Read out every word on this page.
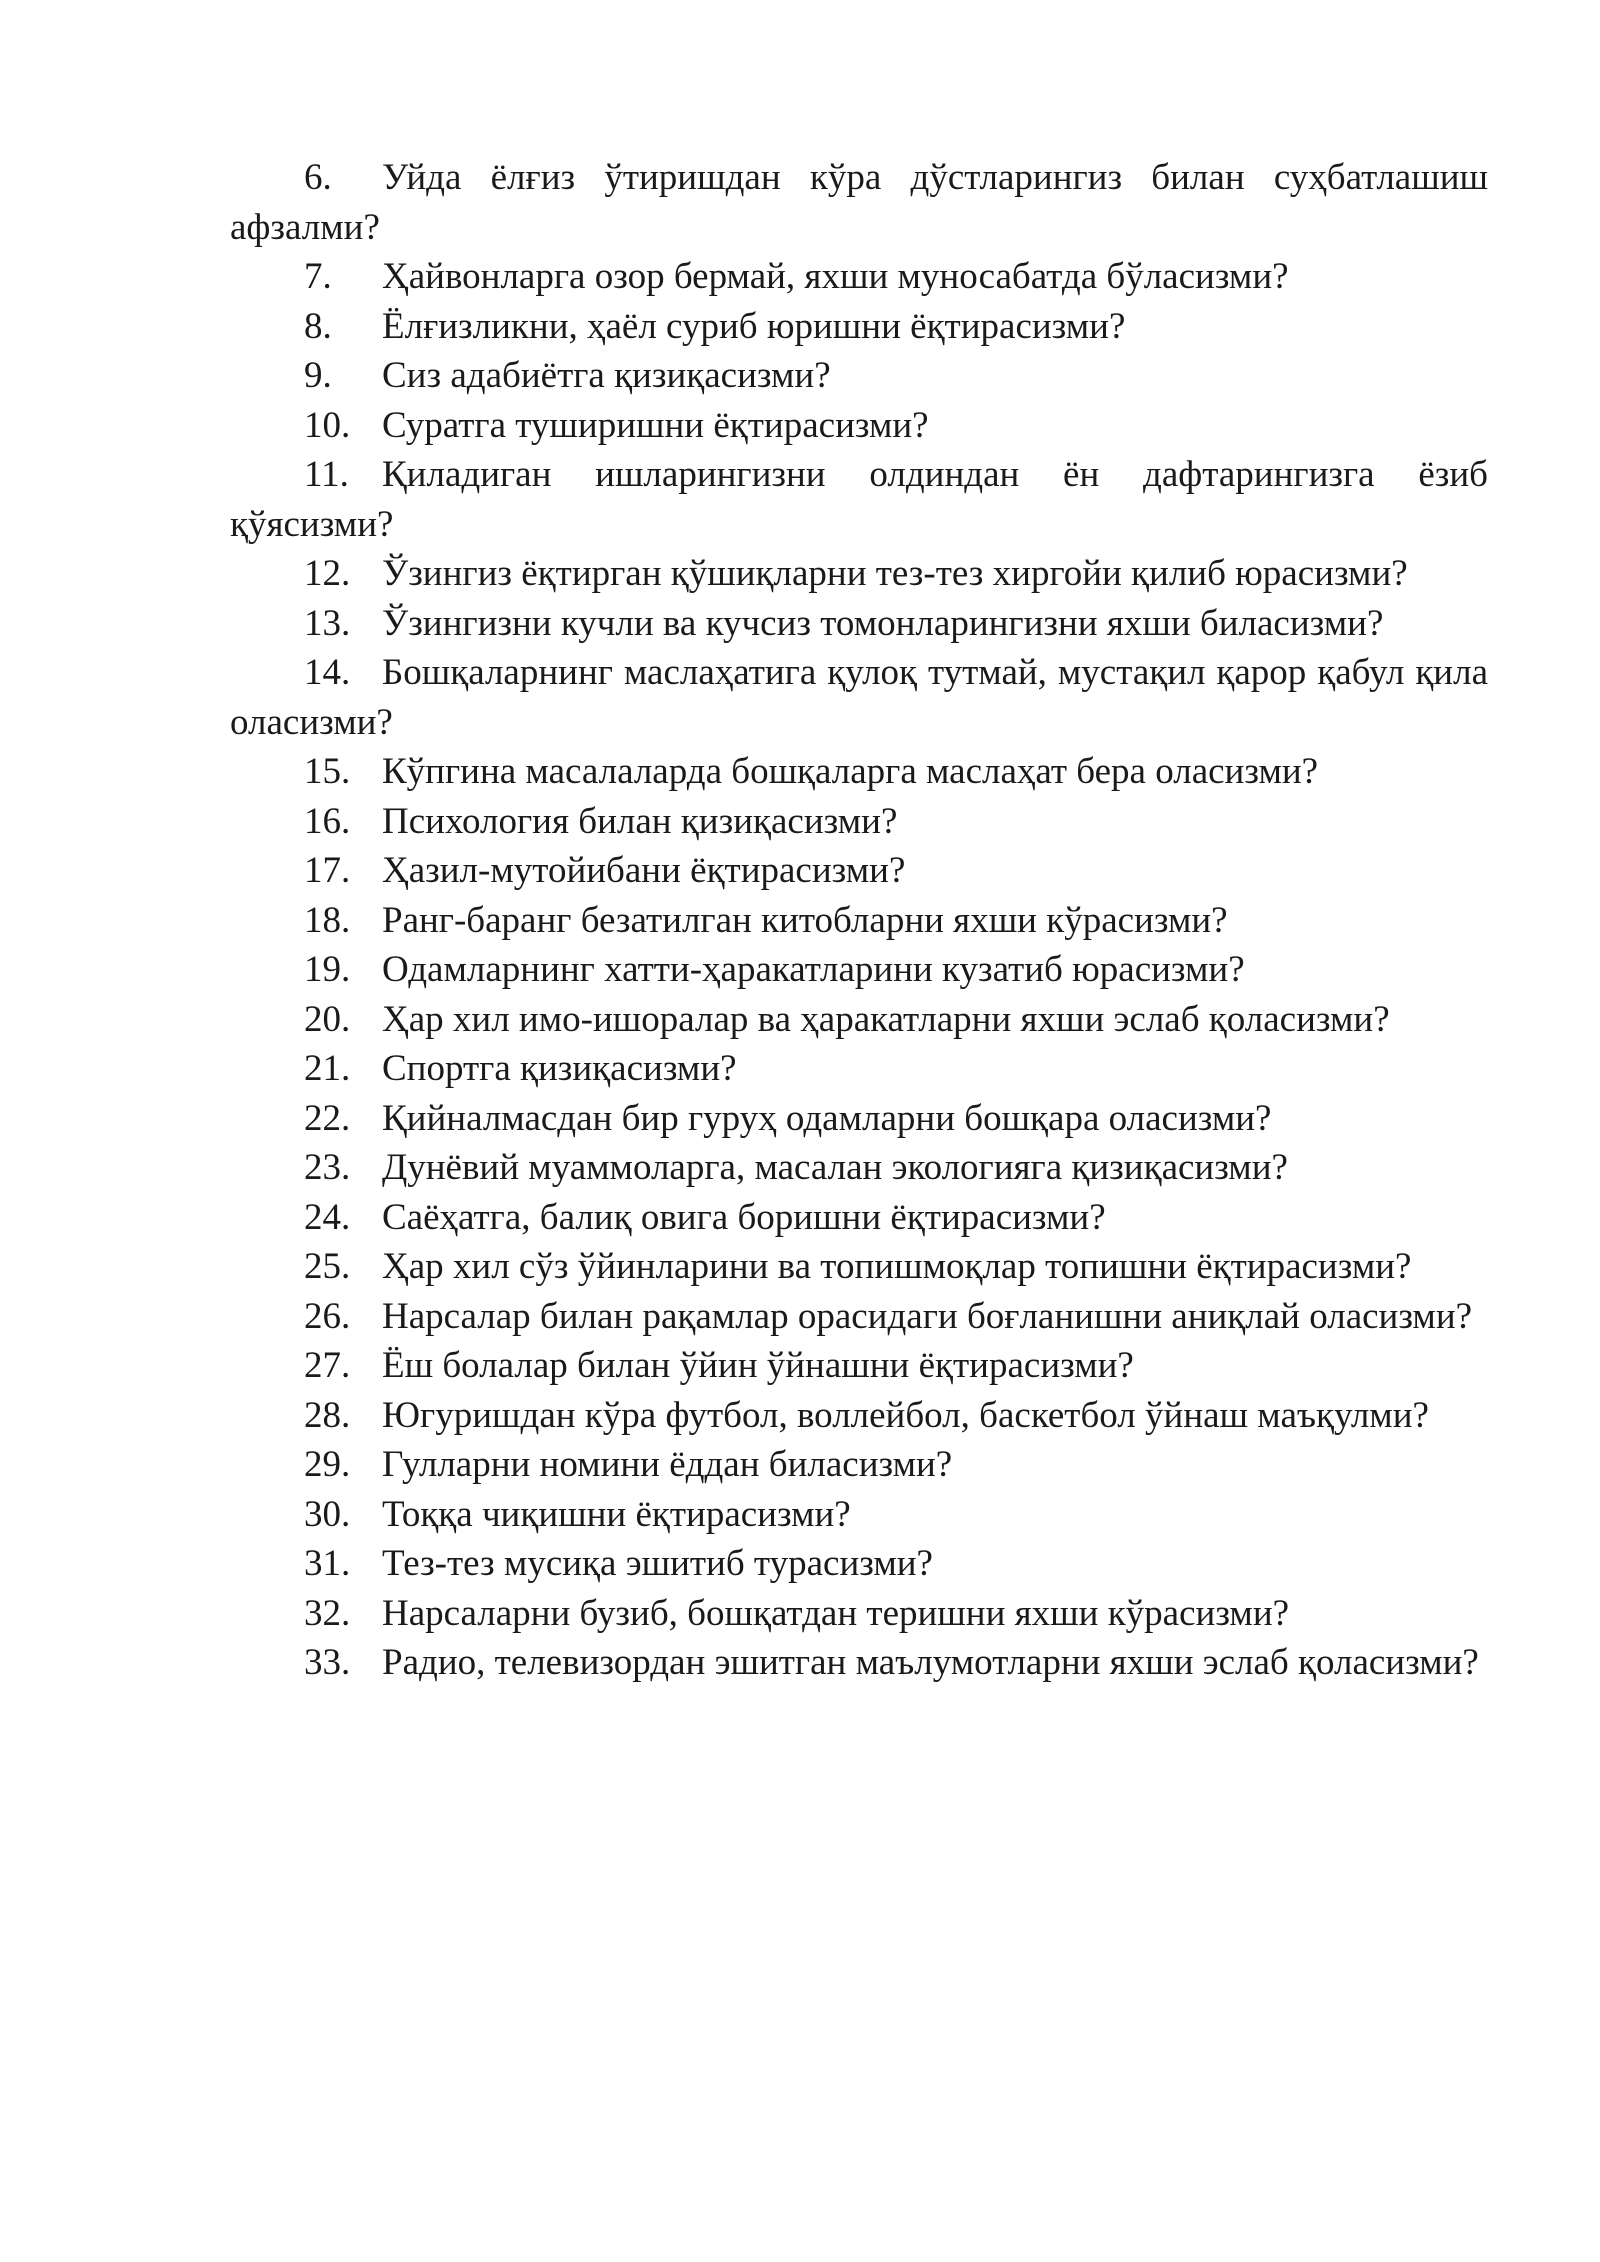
6. Уйда ёлғиз ўтиришдан кўра дўстларингиз билан суҳбатлашиш афзалми?

7. Ҳайвонларга озор бермай, яхши муносабатда бўласизми?

8. Ёлғизликни, ҳаёл суриб юришни ёқтирасизми?

9. Сиз адабиётга қизиқасизми?

10. Суратга туширишни ёқтирасизми?

11. Қиладиган ишларингизни олдиндан ён дафтарингизга ёзиб қўясизми?

12. Ўзингиз ёқтирган қўшиқларни тез-тез хиргойи қилиб юрасизми?

13. Ўзингизни кучли ва кучсиз томонларингизни яхши биласизми?

14. Бошқаларнинг маслаҳатига қулоқ тутмай, мустақил қарор қабул қила оласизми?

15. Кўпгина масалаларда бошқаларга маслаҳат бера оласизми?

16. Психология билан қизиқасизми?

17. Ҳазил-мутойибани ёқтирасизми?

18. Ранг-баранг безатилган китобларни яхши кўрасизми?

19. Одамларнинг хатти-ҳаракатларини кузатиб юрасизми?

20. Ҳар хил имо-ишоралар ва ҳаракатларни яхши эслаб қоласизми?

21. Спортга қизиқасизми?

22. Қийналмасдан бир гуруҳ одамларни бошқара оласизми?

23. Дунёвий муаммоларга, масалан экологияга қизиқасизми?

24. Саёҳатга, балиқ овига боришни ёқтирасизми?

25. Ҳар хил сўз ўйинларини ва топишмоқлар топишни ёқтирасизми?

26. Нарсалар билан рақамлар орасидаги боғланишни аниқлай оласизми?

27. Ёш болалар билан ўйин ўйнашни ёқтирасизми?

28. Югуришдан кўра футбол, воллейбол, баскетбол ўйнаш маъқулми?

29. Гулларни номини ёддан биласизми?

30. Тоққа чиқишни ёқтирасизми?

31. Тез-тез мусиқа эшитиб турасизми?

32. Нарсаларни бузиб, бошқатдан теришни яхши кўрасизми?

33. Радио, телевизордан эшитган маълумотларни яхши эслаб қоласизми?
